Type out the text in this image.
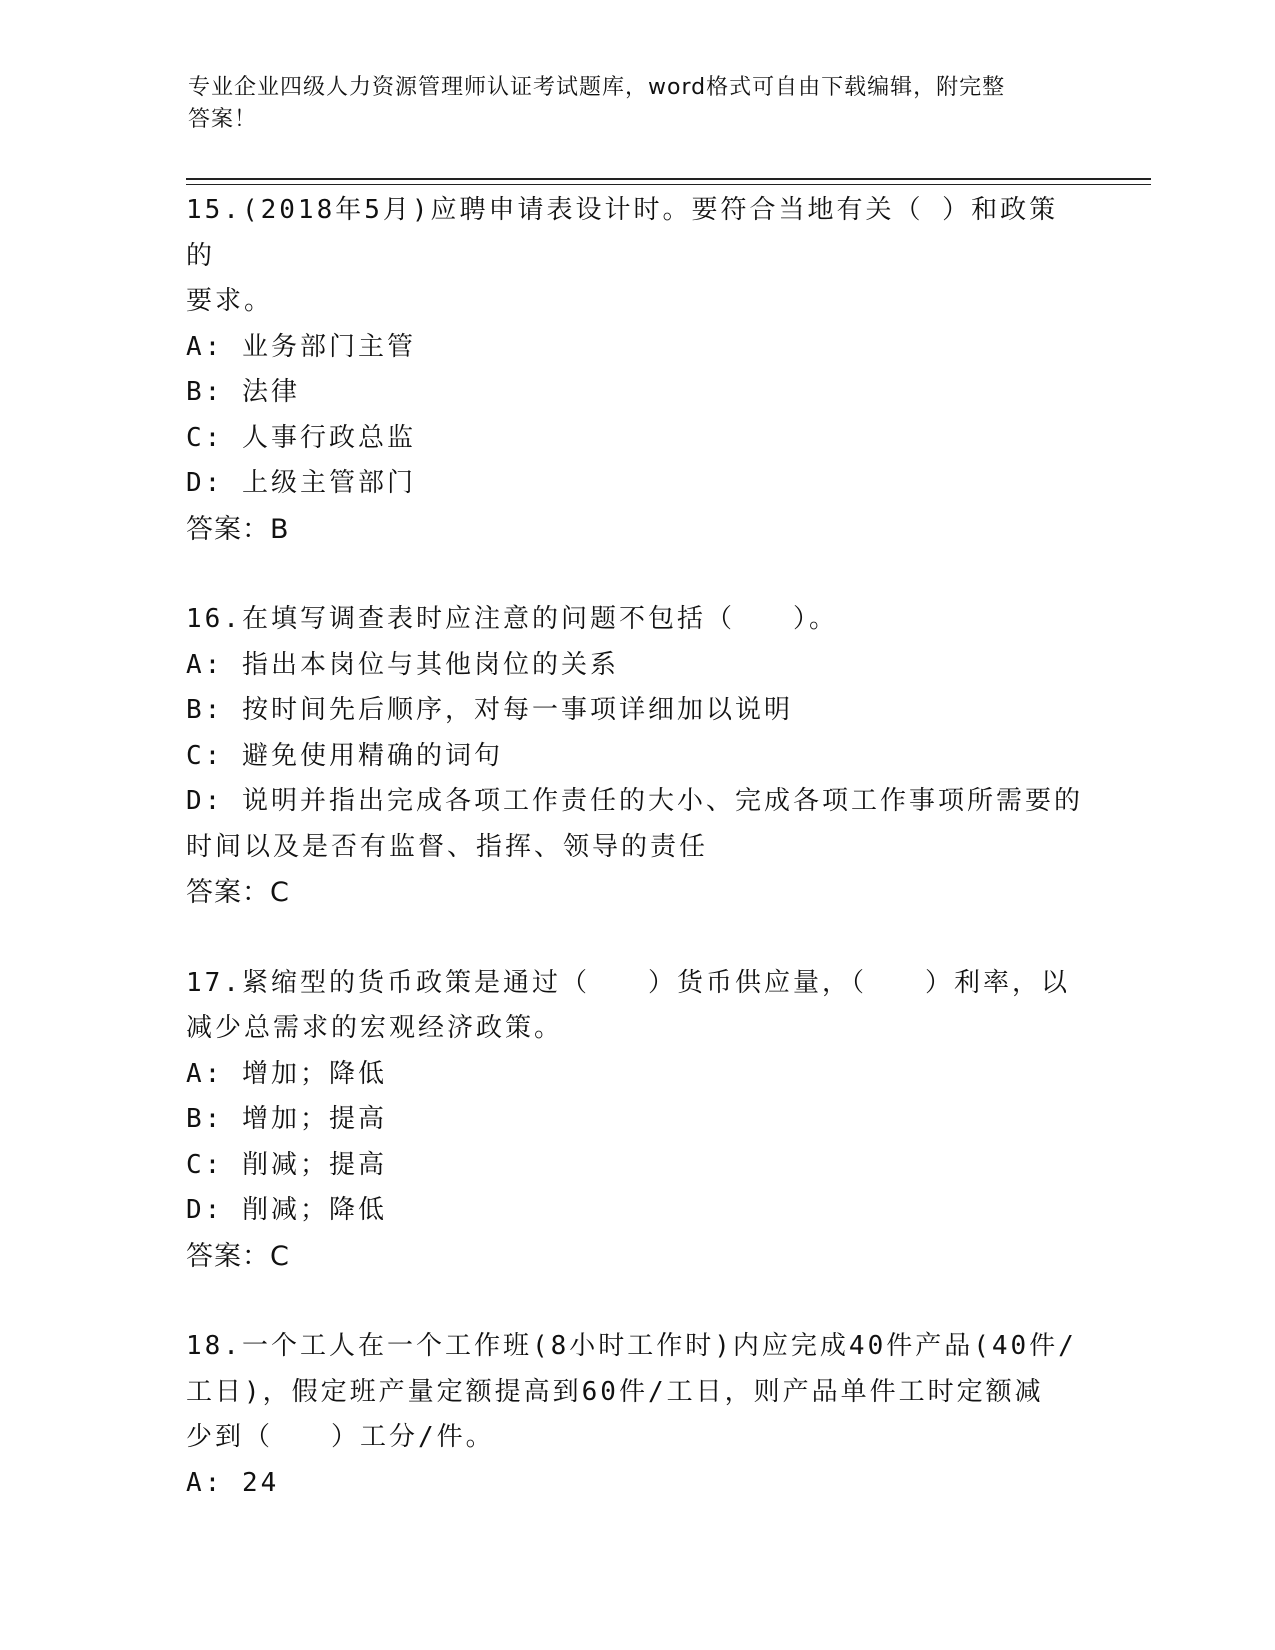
专业企业四级人力资源管理师认证考试题库，word格式可自由下载编辑，附完整
答案！
15.(2018年5月)应聘申请表设计时。要符合当地有关（ ）和政策的
要求。
A: 业务部门主管
B: 法律
C: 人事行政总监
D: 上级主管部门
答案：B
16.在填写调查表时应注意的问题不包括（　　）。
A: 指出本岗位与其他岗位的关系
B: 按时间先后顺序，对每一事项详细加以说明
C: 避免使用精确的词句
D: 说明并指出完成各项工作责任的大小、完成各项工作事项所需要的
时间以及是否有监督、指挥、领导的责任
答案：C
17.紧缩型的货币政策是通过（　　）货币供应量，（　　）利率，以
减少总需求的宏观经济政策。
A: 增加；降低
B: 增加；提高
C: 削减；提高
D: 削减；降低
答案：C
18.一个工人在一个工作班(8小时工作时)内应完成40件产品(40件/
工日)，假定班产量定额提高到60件/工日，则产品单件工时定额减
少到（　　）工分/件。
A: 24
